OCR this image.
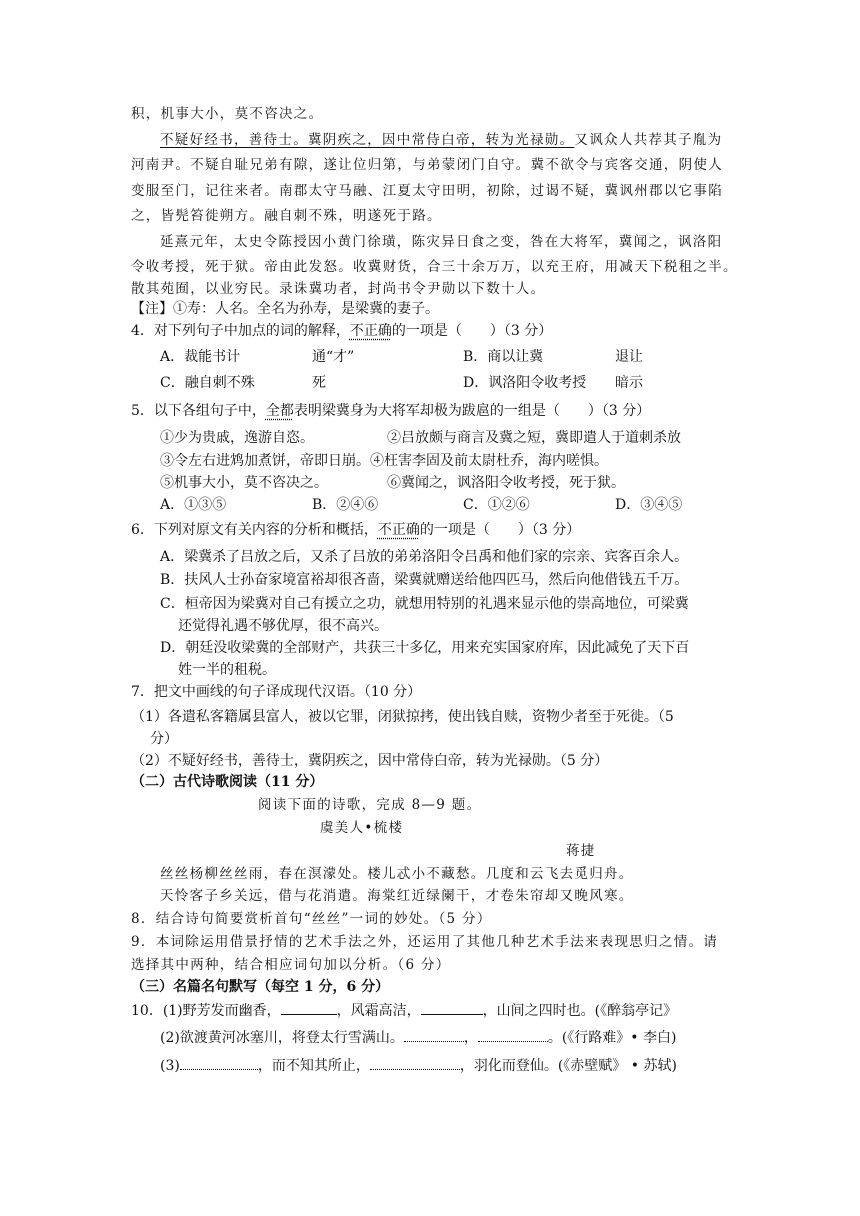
积，机事大小，莫不咨决之。
不疑好经书，善待士。冀阴疾之，因中常侍白帝，转为光禄勋。又讽众人共荐其子胤为
河南尹。不疑自耻兄弟有隙，遂让位归第，与弟蒙闭门自守。冀不欲令与宾客交通，阴使人
变服至门，记往来者。南郡太守马融、江夏太守田明，初除，过谒不疑，冀讽州郡以它事陷
之，皆髡笞徙朔方。融自刺不殊，明遂死于路。
延熹元年，太史令陈授因小黄门徐璜，陈灾异日食之变，咎在大将军，冀闻之，讽洛阳
令收考授，死于狱。帝由此发怒。收冀财货，合三十余万万，以充王府，用减天下税租之半。
散其苑囿，以业穷民。录诛冀功者，封尚书令尹勋以下数十人。
【注】①寿：人名。全名为孙寿，是梁冀的妻子。
4．对下列句子中加点的词的解释，不正确的一项是（　　）（3 分）
A．裁能书计	通“才”	B．商以让冀	退让
C．融自刺不殊	死	D．讽洛阳令收考授 暗示
5．以下各组句子中，全都表明梁冀身为大将军却极为跋扈的一组是（　　）（3 分）
①少为贵戚，逸游自恣。	②吕放颇与商言及冀之短，冀即遣人于道刺杀放
③令左右进鸩加煮饼，帝即日崩。④枉害李固及前太尉杜乔，海内嗟惧。
⑤机事大小，莫不咨决之。	⑥冀闻之，讽洛阳令收考授，死于狱。
A．①③⑤	B．②④⑥	C．①②⑥	D．③④⑤
6．下列对原文有关内容的分析和概括，不正确的一项是（　　）（3 分）
A．梁冀杀了吕放之后，又杀了吕放的弟弟洛阳令吕禹和他们家的宗亲、宾客百余人。
B．扶风人士孙奋家境富裕却很吝啬，梁冀就赠送给他四匹马，然后向他借钱五千万。
C．桓帝因为梁冀对自己有援立之功，就想用特别的礼遇来显示他的崇高地位，可梁冀
还觉得礼遇不够优厚，很不高兴。
D．朝廷没收梁冀的全部财产，共获三十多亿，用来充实国家府库，因此减免了天下百
姓一半的租税。
7．把文中画线的句子译成现代汉语。（10 分）
（1）各遣私客籍属县富人，被以它罪，闭狱掠拷，使出钱自赎，资物少者至于死徙。（5
分）
（2）不疑好经书，善待士，冀阴疾之，因中常侍白帝，转为光禄勋。（5 分）
（二）古代诗歌阅读（11 分）
阅读下面的诗歌，完成 8—9 题。
虞美人•梳楼
蒋捷
丝丝杨柳丝丝雨，春在溟濛处。楼儿忒小不藏愁。几度和云飞去觅归舟。
天怜客子乡关远，借与花消遣。海棠红近绿阑干，才卷朱帘却又晚风寒。
8．结合诗句简要赏析首句“丝丝”一词的妙处。（5 分）
9．本词除运用借景抒情的艺术手法之外，还运用了其他几种艺术手法来表现思归之情。请
选择其中两种，结合相应词句加以分析。（6 分）
（三）名篇名句默写（每空 1 分，6 分）
10．(1)野芳发而幽香，	，风霜高洁，	，山间之四时也。(《醉翁亭记》
(2)欲渡黄河冰塞川，将登太行雪满山。	，	。(《行路难》• 李白)
(3)	，而不知其所止，	，羽化而登仙。(《赤壁赋》 • 苏轼)
